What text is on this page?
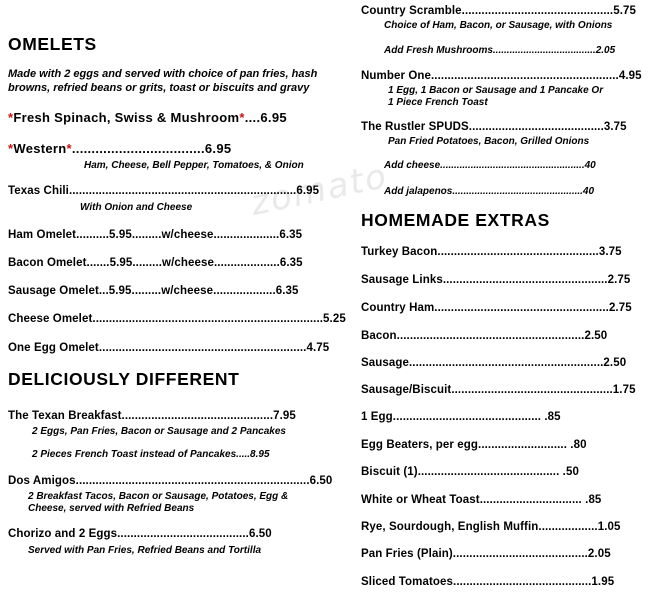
zomato
OMELETS
Made with 2 eggs and served with choice of pan fries, hash
browns, refried beans or grits, toast or biscuits and gravy
*Fresh Spinach, Swiss & Mushroom*....6.95
*Western*..................................6.95
Ham, Cheese, Bell Pepper, Tomatoes, & Onion
Texas Chili.....................................................................6.95
With Onion and Cheese
Ham Omelet..........5.95.........w/cheese....................6.35
Bacon Omelet.......5.95.........w/cheese....................6.35
Sausage Omelet...5.95.........w/cheese...................6.35
Cheese Omelet......................................................................5.25
One Egg Omelet...............................................................4.75
DELICIOUSLY DIFFERENT
The Texan Breakfast..............................................7.95
2 Eggs, Pan Fries, Bacon or Sausage and 2 Pancakes
2 Pieces French Toast instead of Pancakes.....8.95
Dos Amigos.......................................................................6.50
2 Breakfast Tacos, Bacon or Sausage, Potatoes, Egg &
Cheese, served with Refried Beans
Chorizo and 2 Eggs........................................6.50
Served with Pan Fries, Refried Beans and Tortilla
Country Scramble..............................................5.75
Choice of Ham, Bacon, or Sausage, with Onions
Add Fresh Mushrooms.....................................2.05
Number One.........................................................4.95
1 Egg, 1 Bacon or Sausage and 1 Pancake Or
1 Piece French Toast
The Rustler SPUDS.........................................3.75
Pan Fried Potatoes, Bacon, Grilled Onions
Add cheese....................................................40
Add jalapenos...............................................40
HOMEMADE EXTRAS
Turkey Bacon.................................................3.75
Sausage Links..................................................2.75
Country Ham.....................................................2.75
Bacon.........................................................2.50
Sausage...........................................................2.50
Sausage/Biscuit.................................................1.75
1 Egg............................................. .85
Egg Beaters, per egg........................... .80
Biscuit (1)........................................... .50
White or Wheat Toast............................... .85
Rye, Sourdough, English Muffin..................1.05
Pan Fries (Plain).........................................2.05
Sliced Tomatoes..........................................1.95
